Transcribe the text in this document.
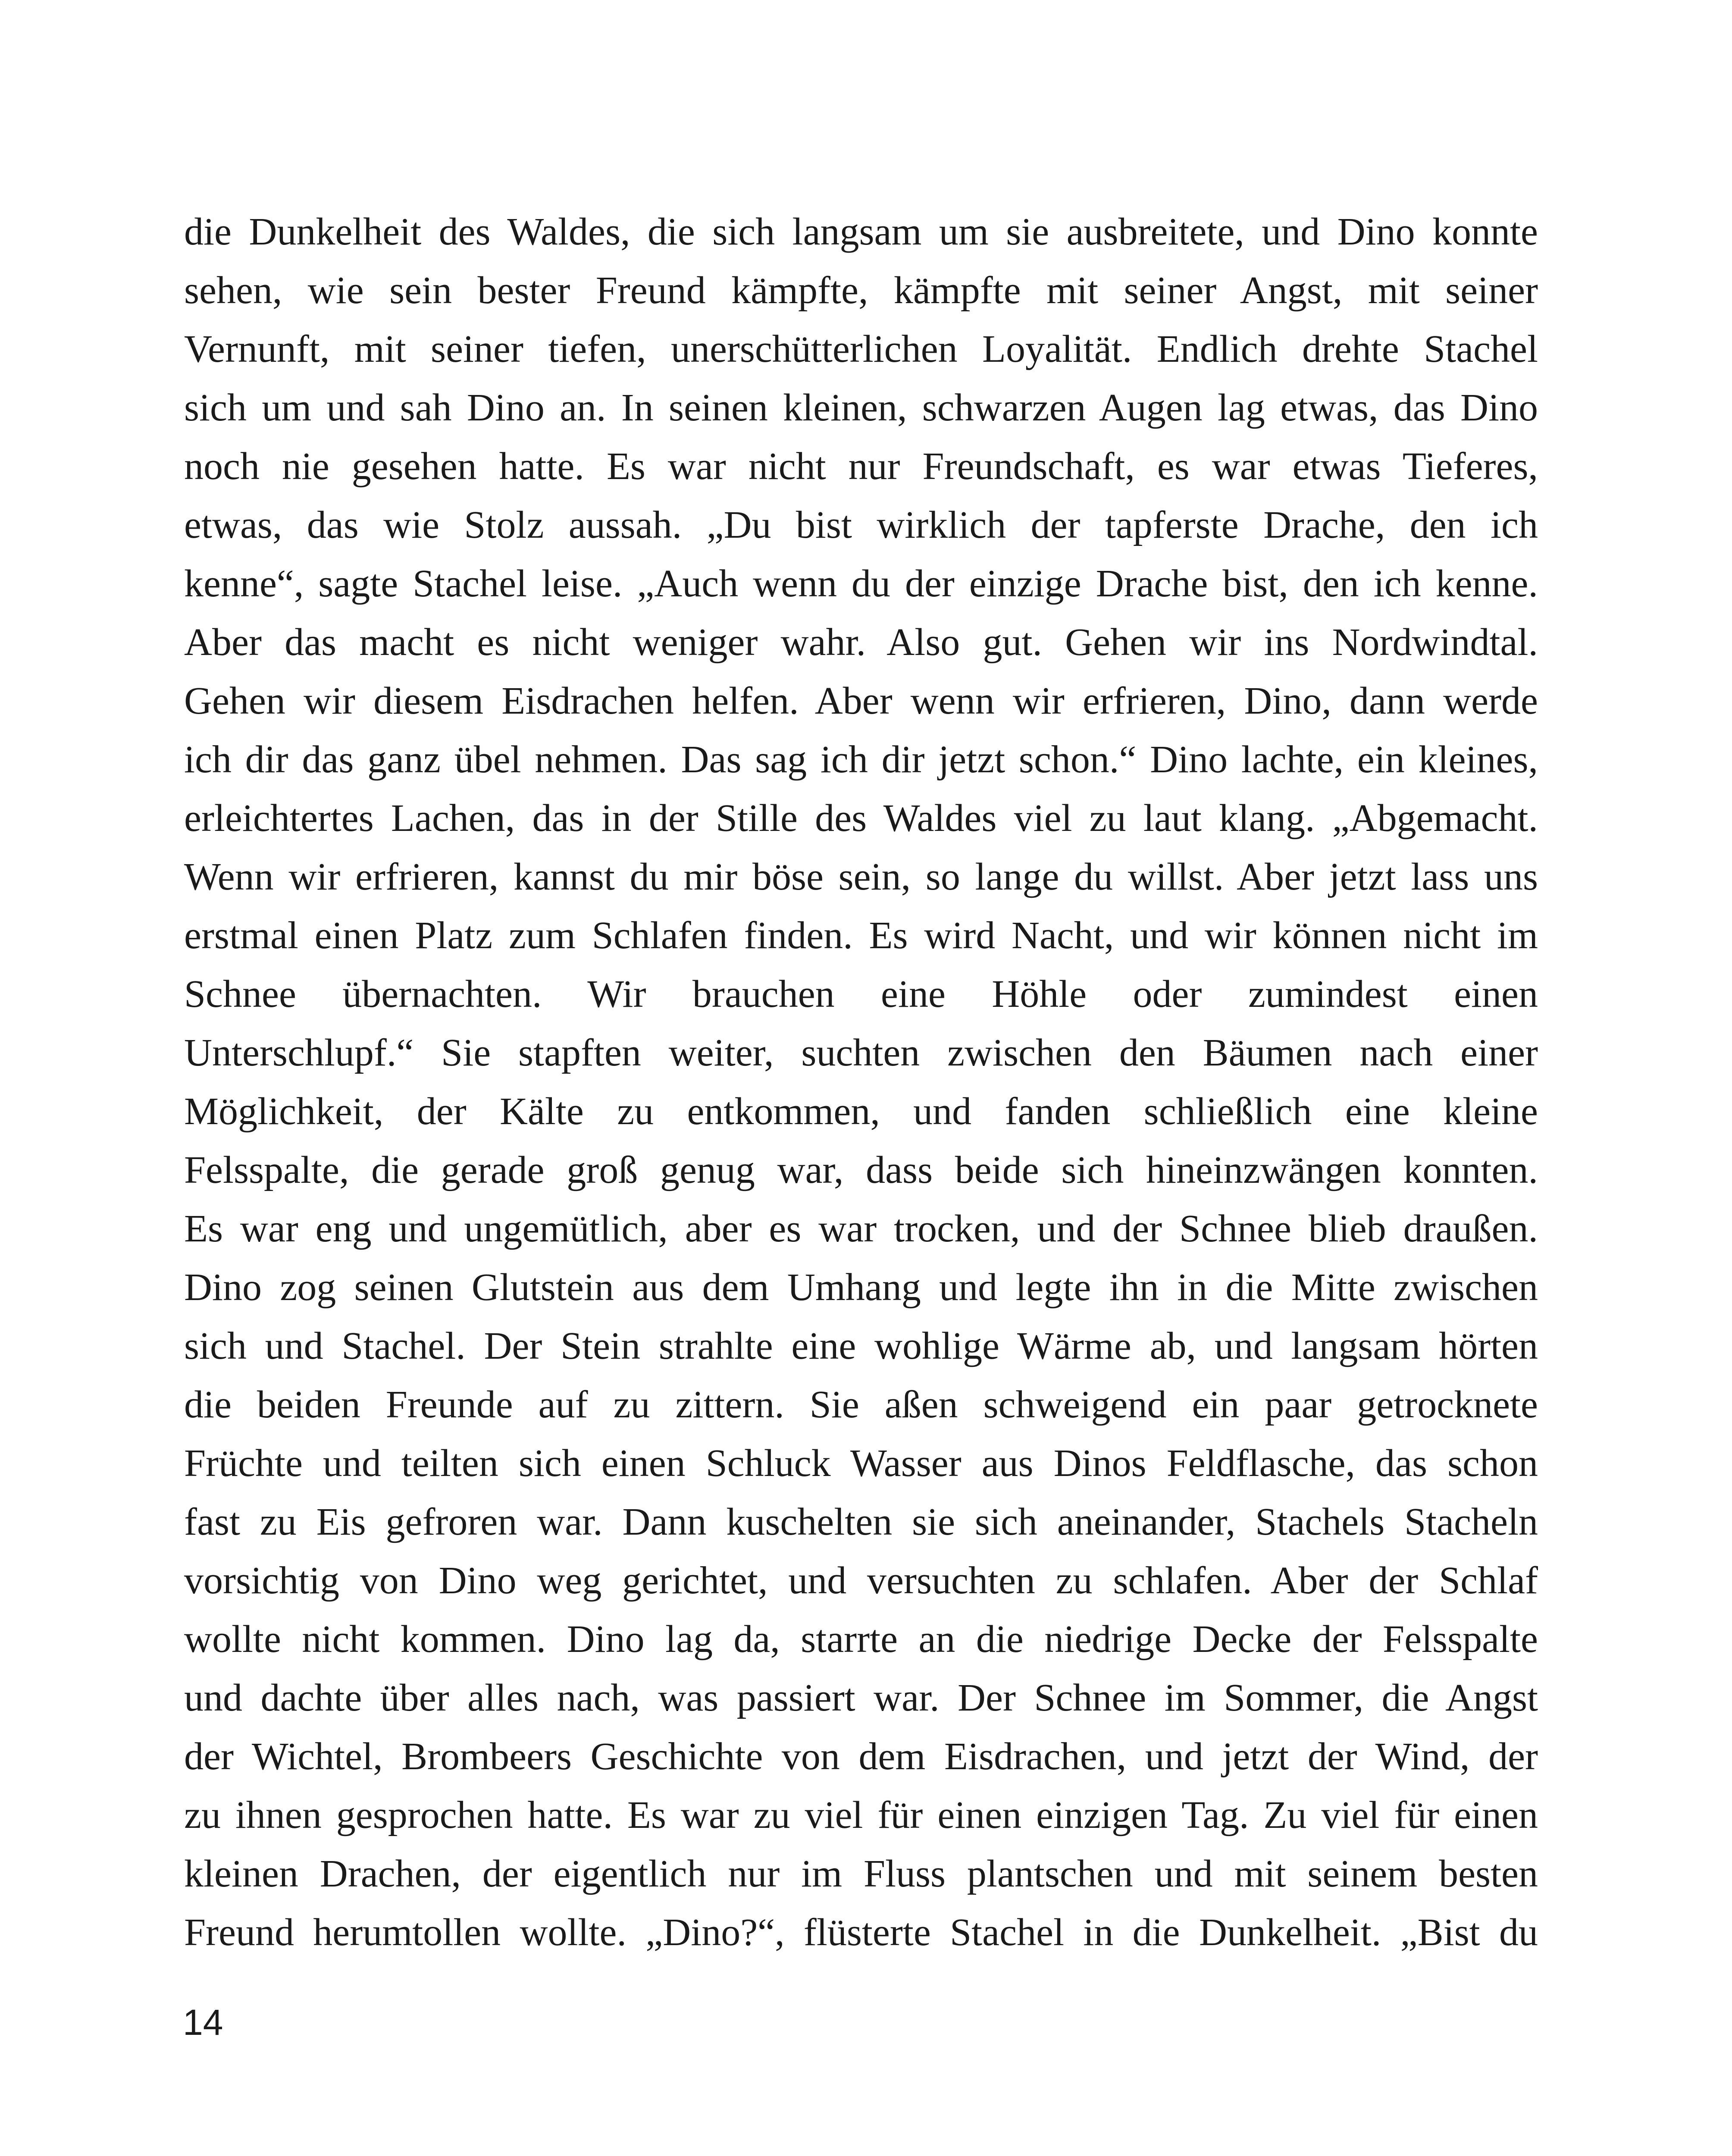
die Dunkelheit des Waldes, die sich langsam um sie ausbreitete, und Dino konnte
sehen, wie sein bester Freund kämpfte, kämpfte mit seiner Angst, mit seiner
Vernunft, mit seiner tiefen, unerschütterlichen Loyalität. Endlich drehte Stachel
sich um und sah Dino an. In seinen kleinen, schwarzen Augen lag etwas, das Dino
noch nie gesehen hatte. Es war nicht nur Freundschaft, es war etwas Tieferes,
etwas, das wie Stolz aussah. „Du bist wirklich der tapferste Drache, den ich
kenne“, sagte Stachel leise. „Auch wenn du der einzige Drache bist, den ich kenne.
Aber das macht es nicht weniger wahr. Also gut. Gehen wir ins Nordwindtal.
Gehen wir diesem Eisdrachen helfen. Aber wenn wir erfrieren, Dino, dann werde
ich dir das ganz übel nehmen. Das sag ich dir jetzt schon.“ Dino lachte, ein kleines,
erleichtertes Lachen, das in der Stille des Waldes viel zu laut klang. „Abgemacht.
Wenn wir erfrieren, kannst du mir böse sein, so lange du willst. Aber jetzt lass uns
erstmal einen Platz zum Schlafen finden. Es wird Nacht, und wir können nicht im
Schnee übernachten. Wir brauchen eine Höhle oder zumindest einen
Unterschlupf.“ Sie stapften weiter, suchten zwischen den Bäumen nach einer
Möglichkeit, der Kälte zu entkommen, und fanden schließlich eine kleine
Felsspalte, die gerade groß genug war, dass beide sich hineinzwängen konnten.
Es war eng und ungemütlich, aber es war trocken, und der Schnee blieb draußen.
Dino zog seinen Glutstein aus dem Umhang und legte ihn in die Mitte zwischen
sich und Stachel. Der Stein strahlte eine wohlige Wärme ab, und langsam hörten
die beiden Freunde auf zu zittern. Sie aßen schweigend ein paar getrocknete
Früchte und teilten sich einen Schluck Wasser aus Dinos Feldflasche, das schon
fast zu Eis gefroren war. Dann kuschelten sie sich aneinander, Stachels Stacheln
vorsichtig von Dino weg gerichtet, und versuchten zu schlafen. Aber der Schlaf
wollte nicht kommen. Dino lag da, starrte an die niedrige Decke der Felsspalte
und dachte über alles nach, was passiert war. Der Schnee im Sommer, die Angst
der Wichtel, Brombeers Geschichte von dem Eisdrachen, und jetzt der Wind, der
zu ihnen gesprochen hatte. Es war zu viel für einen einzigen Tag. Zu viel für einen
kleinen Drachen, der eigentlich nur im Fluss plantschen und mit seinem besten
Freund herumtollen wollte. „Dino?“, flüsterte Stachel in die Dunkelheit. „Bist du
14
